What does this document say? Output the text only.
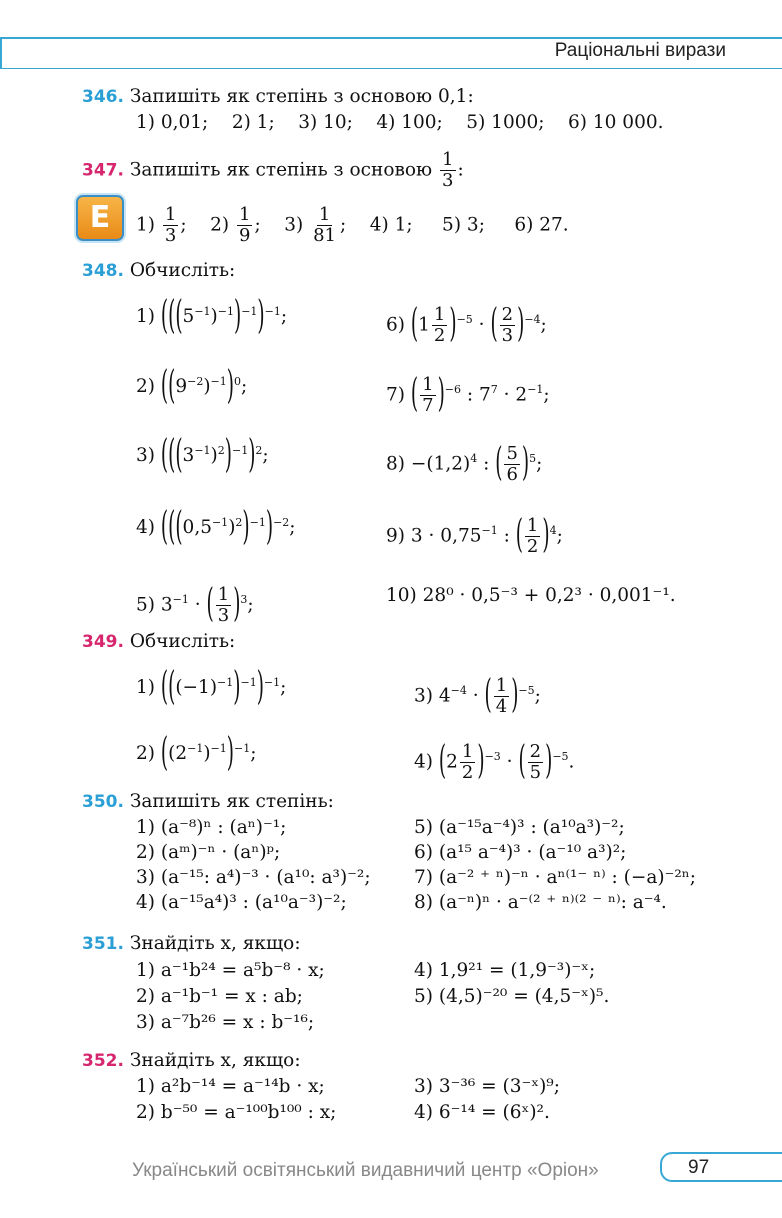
Раціональні вирази
346. Запишіть як степінь з основою 0,1:
1) 0,01;    2) 1;    3) 10;    4) 100;    5) 1000;    6) 10 000.
347. Запишіть як степінь з основою $\frac{1}{3}$ :
E	$1) \frac{1}{3}$ ;    $2) \frac{1}{9}$ ;    $3) \frac{1}{81}$ ;    4) 1;     5) 3;     6) 27.
348. Обчисліть:
1) $(((5^{-1})^{-1})^{-1})^{-1}$;	6) $(1 \frac{1}{2} )^{-5}$ · ( $\frac{2}{3} )^{-4}$;
2) $((9^{-2})^{-1})^0$;	7) ( $\frac{1}{7} )^{-6}$ : $7^7 \cdot 2^{-1}$;
3) $(((3^{-1})^2)^{-1})^2$;	$8) -(1,2)^4$ : ( $\frac{5}{6} )^5$;
4) $(((0,5^{-1})^2)^{-1})^{-2}$;	9) $3 \cdot 0,75^{-1}$ : ( $\frac{1}{2} )^4$;
5) $3^{-1}$ · ( $\frac{1}{3} )^3$;	10) 28⁰ · 0,5⁻³ + 0,2³ · 0,001⁻¹.
349. Обчисліть:
1) $(((-1)^{-1})^{-1})^{-1}$;	3) $4^{-4}$ · ( $\frac{1}{4} )^{-5}$;
2) $((2^{-1})^{-1})^{-1}$;	4) $(2 \frac{1}{2} )^{-3}$ · ( $\frac{2}{5} )^{-5}$.
350. Запишіть як степінь:
1) (a⁻⁸)ⁿ : (aⁿ)⁻¹;
2) (aᵐ)⁻ⁿ · (aⁿ)ᵖ;
3) (a⁻¹⁵: a⁴)⁻³ · (a¹⁰: a³)⁻²;
4) (a⁻¹⁵a⁴)³ : (a¹⁰a⁻³)⁻²;
5) (a⁻¹⁵a⁻⁴)³ : (a¹⁰a³)⁻²;
6) (a¹⁵ a⁻⁴)³ · (a⁻¹⁰ a³)²;
7) (a⁻² ⁺ ⁿ)⁻ⁿ · aⁿ⁽¹⁻ ⁿ⁾ : (−a)⁻²ⁿ;
8) (a⁻ⁿ)ⁿ · a⁻⁽² ⁺ ⁿ⁾⁽² ⁻ ⁿ⁾: a⁻⁴.
351. Знайдіть x, якщо:
1) a⁻¹b²⁴ = a⁵b⁻⁸ · x;
2) a⁻¹b⁻¹ = x : ab;
3) a⁻⁷b²⁶ = x : b⁻¹⁶;
4) 1,9²¹ = (1,9⁻³)⁻ˣ;
5) (4,5)⁻²⁰ = (4,5⁻ˣ)⁵.
352. Знайдіть x, якщо:
1) a²b⁻¹⁴ = a⁻¹⁴b · x;
2) b⁻⁵⁰ = a⁻¹⁰⁰b¹⁰⁰ : x;
3) 3⁻³⁶ = (3⁻ˣ)⁹;
4) 6⁻¹⁴ = (6ˣ)².
Український освітянський видавничий центр «Оріон»	97
